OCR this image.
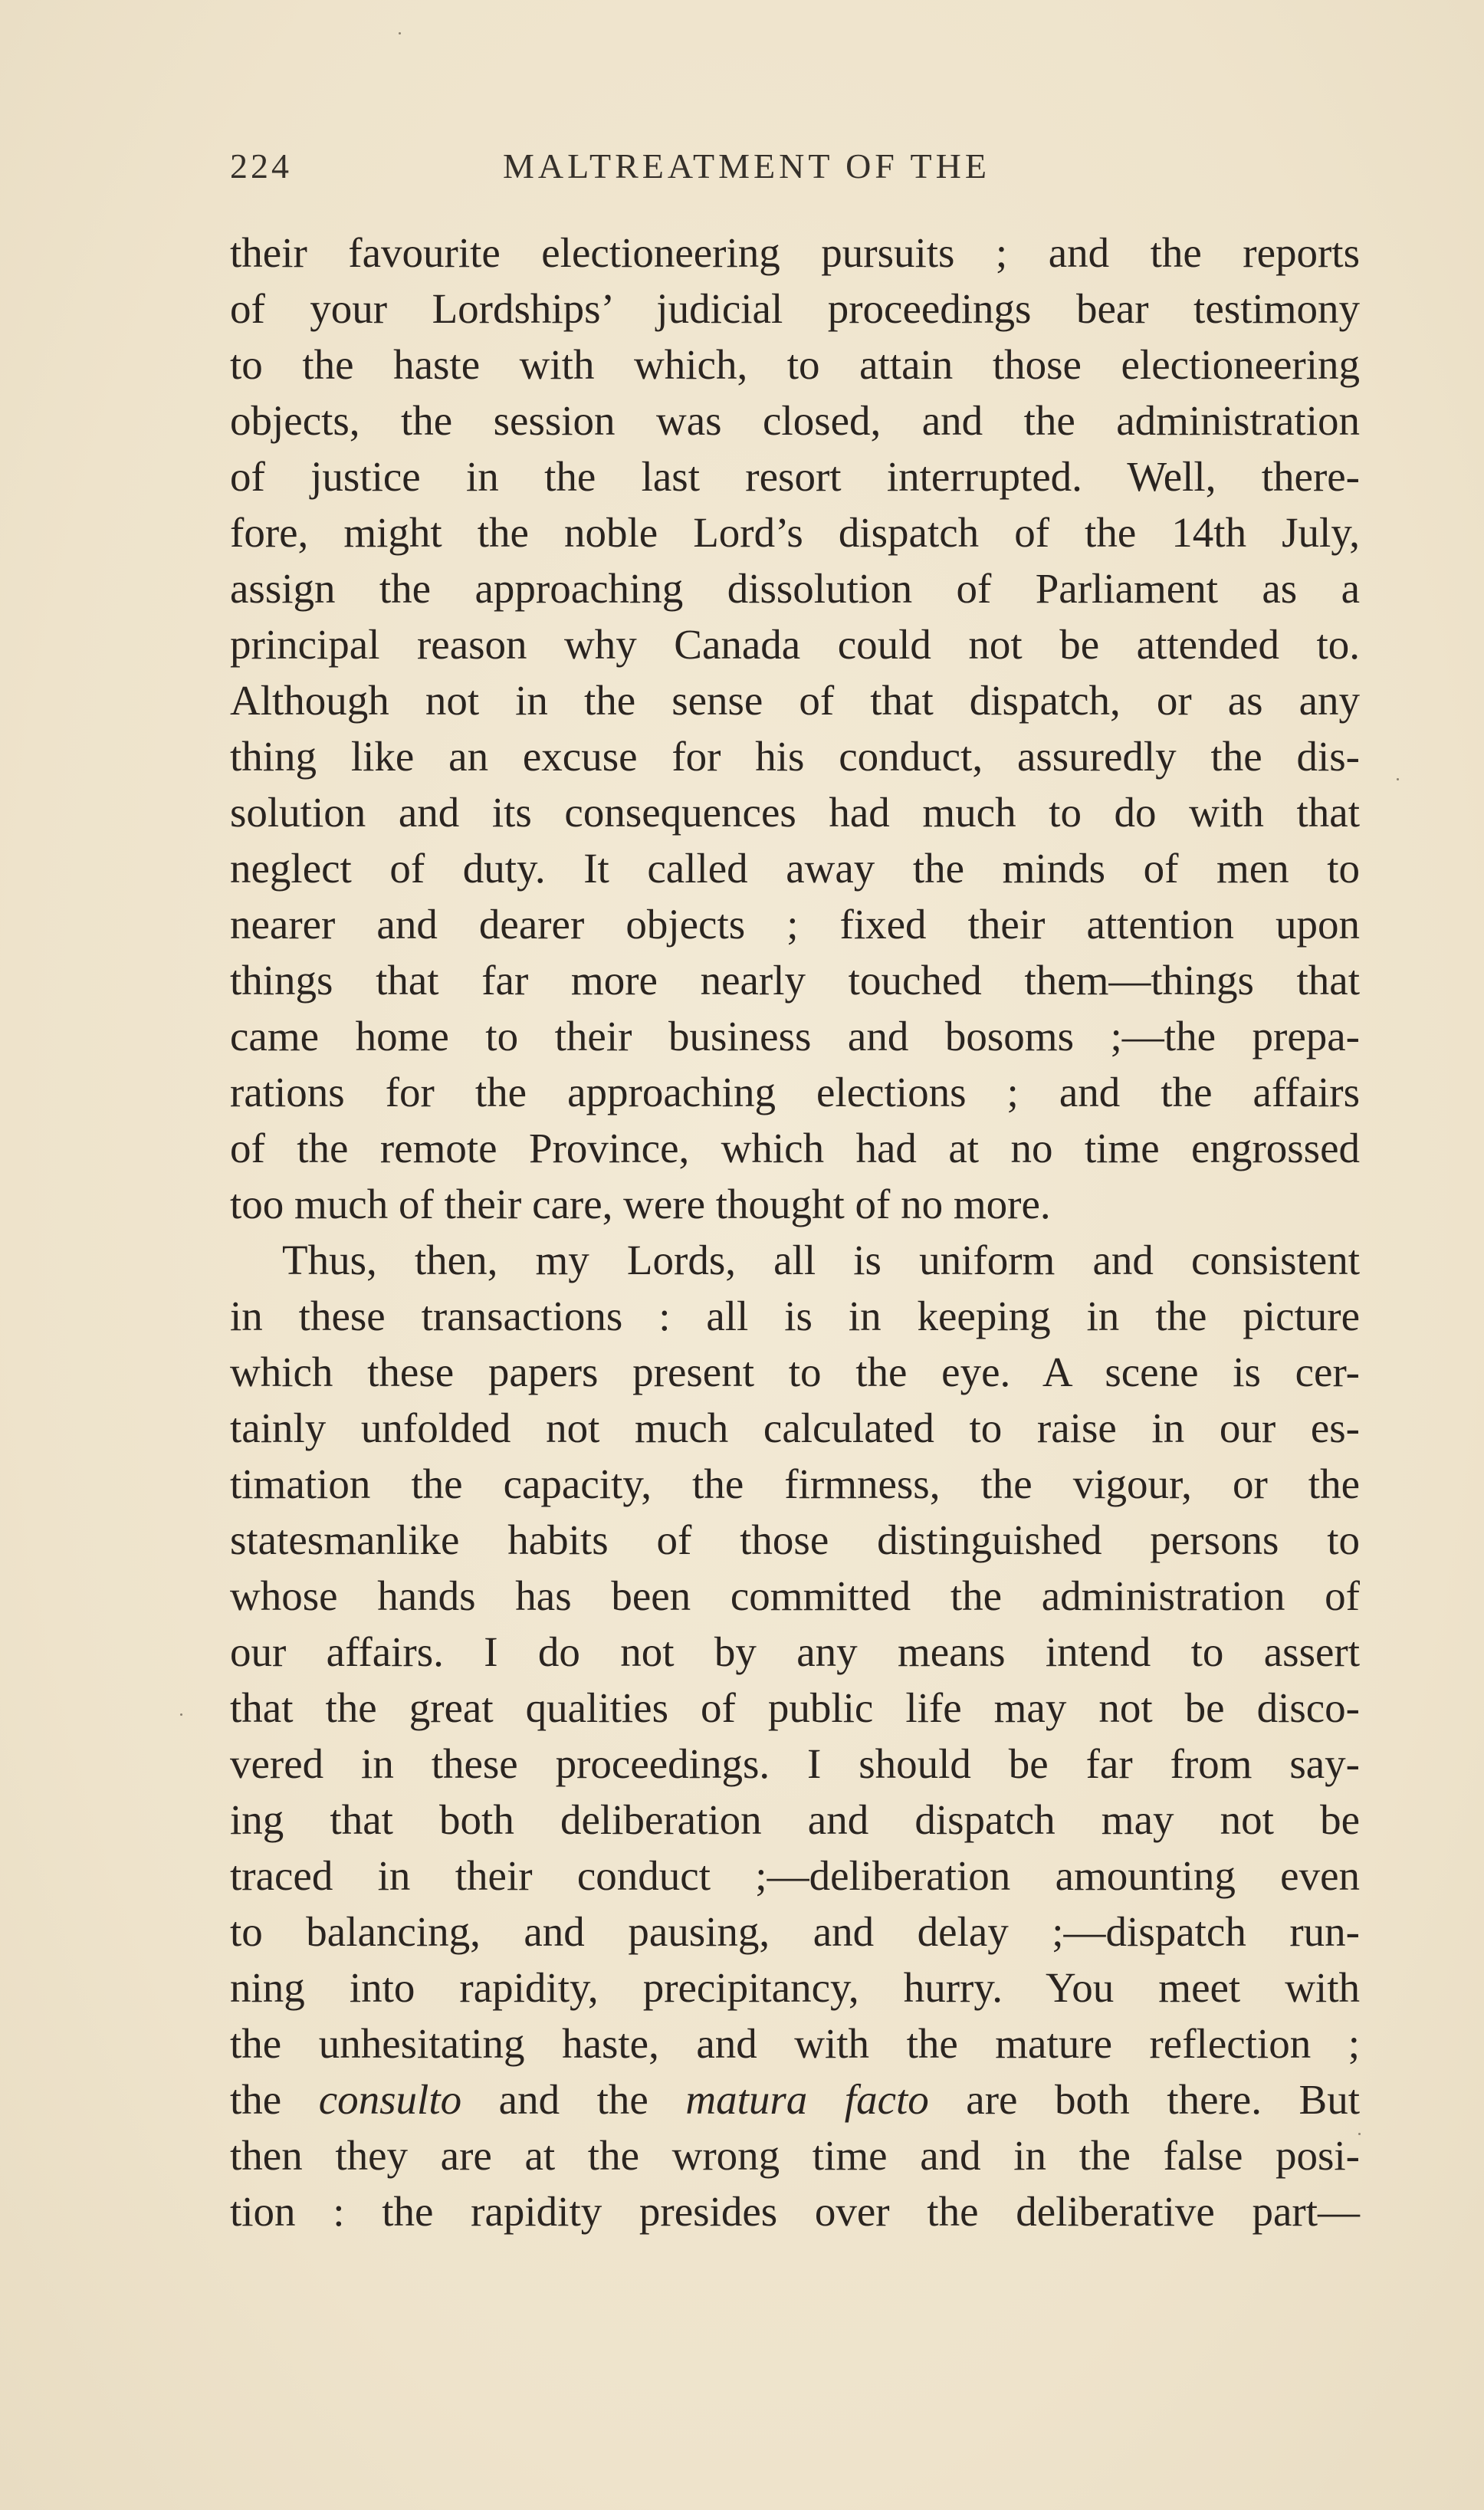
224	MALTREATMENT OF THE
their favourite electioneering pursuits ; and the reports
of your Lordships’ judicial proceedings bear testimony
to the haste with which, to attain those electioneering
objects, the session was closed, and the administration
of justice in the last resort interrupted. Well, there-
fore, might the noble Lord’s dispatch of the 14th July,
assign the approaching dissolution of Parliament as a
principal reason why Canada could not be attended to.
Although not in the sense of that dispatch, or as any
thing like an excuse for his conduct, assuredly the dis-
solution and its consequences had much to do with that
neglect of duty. It called away the minds of men to
nearer and dearer objects ; fixed their attention upon
things that far more nearly touched them—things that
came home to their business and bosoms ;—the prepa-
rations for the approaching elections ; and the affairs
of the remote Province, which had at no time engrossed
too much of their care, were thought of no more.
Thus, then, my Lords, all is uniform and consistent
in these transactions : all is in keeping in the picture
which these papers present to the eye. A scene is cer-
tainly unfolded not much calculated to raise in our es-
timation the capacity, the firmness, the vigour, or the
statesmanlike habits of those distinguished persons to
whose hands has been committed the administration of
our affairs. I do not by any means intend to assert
that the great qualities of public life may not be disco-
vered in these proceedings. I should be far from say-
ing that both deliberation and dispatch may not be
traced in their conduct ;—deliberation amounting even
to balancing, and pausing, and delay ;—dispatch run-
ning into rapidity, precipitancy, hurry. You meet with
the unhesitating haste, and with the mature reflection ;
the consulto and the matura facto are both there. But
then they are at the wrong time and in the false posi-
tion : the rapidity presides over the deliberative part—
